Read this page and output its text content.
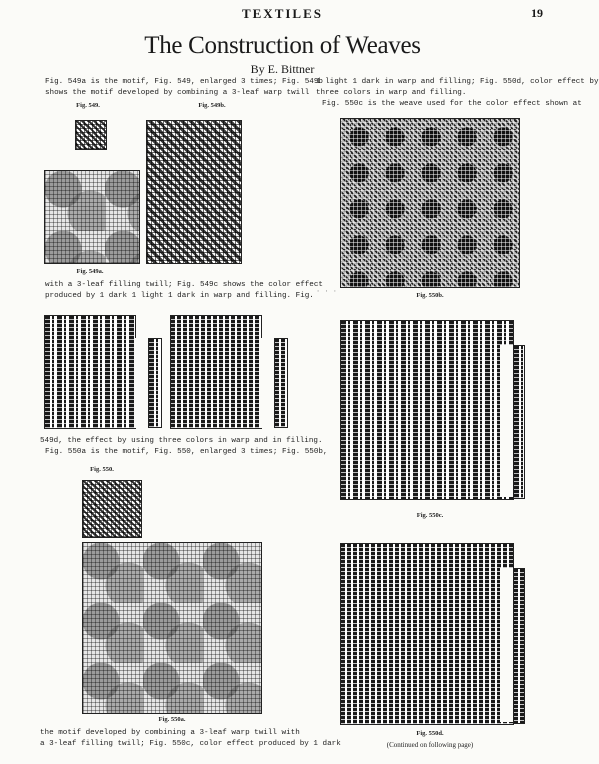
TEXTILES	19
The Construction of Weaves
By E. Bittner
Fig. 549a is the motif, Fig. 549, enlarged 3 times; Fig. 549b
shows the motif developed by combining a 3-leaf warp twill
1 light 1 dark in warp and filling; Fig. 550d, color effect by
three colors in warp and filling.
Fig. 550c is the weave used for the color effect shown at
Fig. 549.	Fig. 549b.
Fig. 549a.
with a 3-leaf filling twill; Fig. 549c shows the color effect
produced by 1 dark 1 light 1 dark in warp and filling. Fig.
549d, the effect by using three colors in warp and in filling.
Fig. 550a is the motif, Fig. 550, enlarged 3 times; Fig. 550b,
Fig. 550.
Fig. 550a.
the motif developed by combining a 3-leaf warp twill with
a 3-leaf filling twill; Fig. 550c, color effect produced by 1 dark
· · ·	Fig. 550b.
Fig. 550c.
Fig. 550d.
(Continued on following page)
